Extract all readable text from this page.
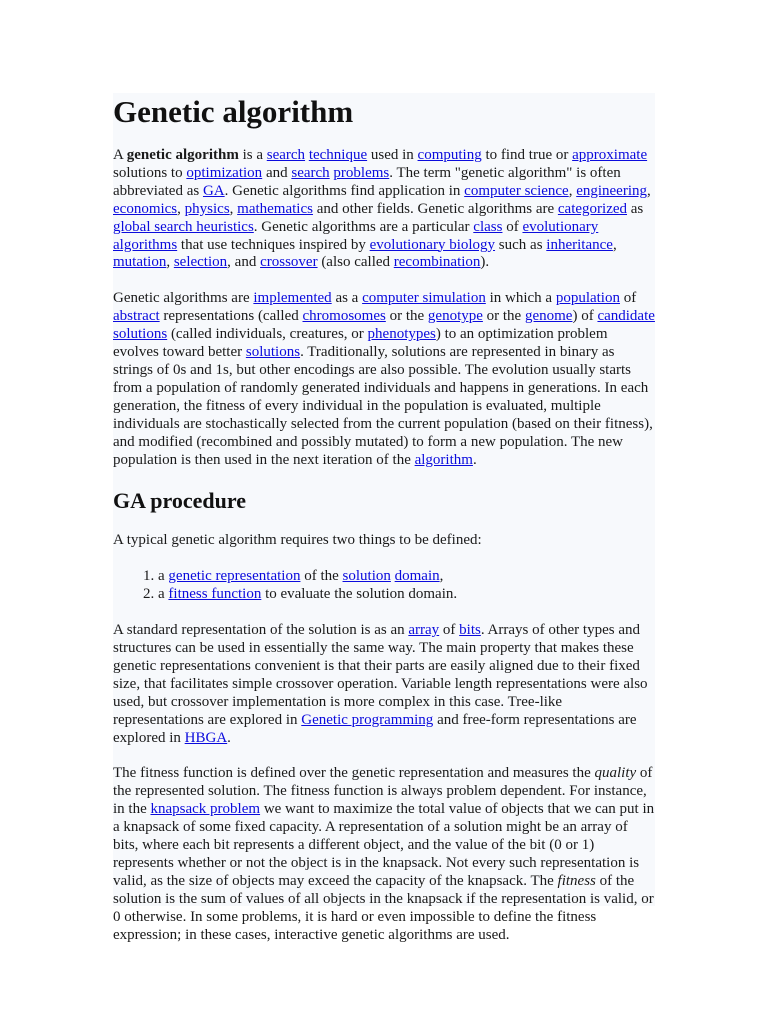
Genetic algorithm

A genetic algorithm is a search technique used in computing to find true or approximate solutions to optimization and search problems. The term "genetic algorithm" is often abbreviated as GA. Genetic algorithms find application in computer science, engineering, economics, physics, mathematics and other fields. Genetic algorithms are categorized as global search heuristics. Genetic algorithms are a particular class of evolutionary algorithms that use techniques inspired by evolutionary biology such as inheritance, mutation, selection, and crossover (also called recombination).

Genetic algorithms are implemented as a computer simulation in which a population of abstract representations (called chromosomes or the genotype or the genome) of candidate solutions (called individuals, creatures, or phenotypes) to an optimization problem evolves toward better solutions. Traditionally, solutions are represented in binary as strings of 0s and 1s, but other encodings are also possible. The evolution usually starts from a population of randomly generated individuals and happens in generations. In each generation, the fitness of every individual in the population is evaluated, multiple individuals are stochastically selected from the current population (based on their fitness), and modified (recombined and possibly mutated) to form a new population. The new population is then used in the next iteration of the algorithm.

GA procedure

A typical genetic algorithm requires two things to be defined:

1. a genetic representation of the solution domain,
2. a fitness function to evaluate the solution domain.

A standard representation of the solution is as an array of bits. Arrays of other types and structures can be used in essentially the same way. The main property that makes these genetic representations convenient is that their parts are easily aligned due to their fixed size, that facilitates simple crossover operation. Variable length representations were also used, but crossover implementation is more complex in this case. Tree-like representations are explored in Genetic programming and free-form representations are explored in HBGA.

The fitness function is defined over the genetic representation and measures the quality of the represented solution. The fitness function is always problem dependent. For instance, in the knapsack problem we want to maximize the total value of objects that we can put in a knapsack of some fixed capacity. A representation of a solution might be an array of bits, where each bit represents a different object, and the value of the bit (0 or 1) represents whether or not the object is in the knapsack. Not every such representation is valid, as the size of objects may exceed the capacity of the knapsack. The fitness of the solution is the sum of values of all objects in the knapsack if the representation is valid, or 0 otherwise. In some problems, it is hard or even impossible to define the fitness expression; in these cases, interactive genetic algorithms are used.
